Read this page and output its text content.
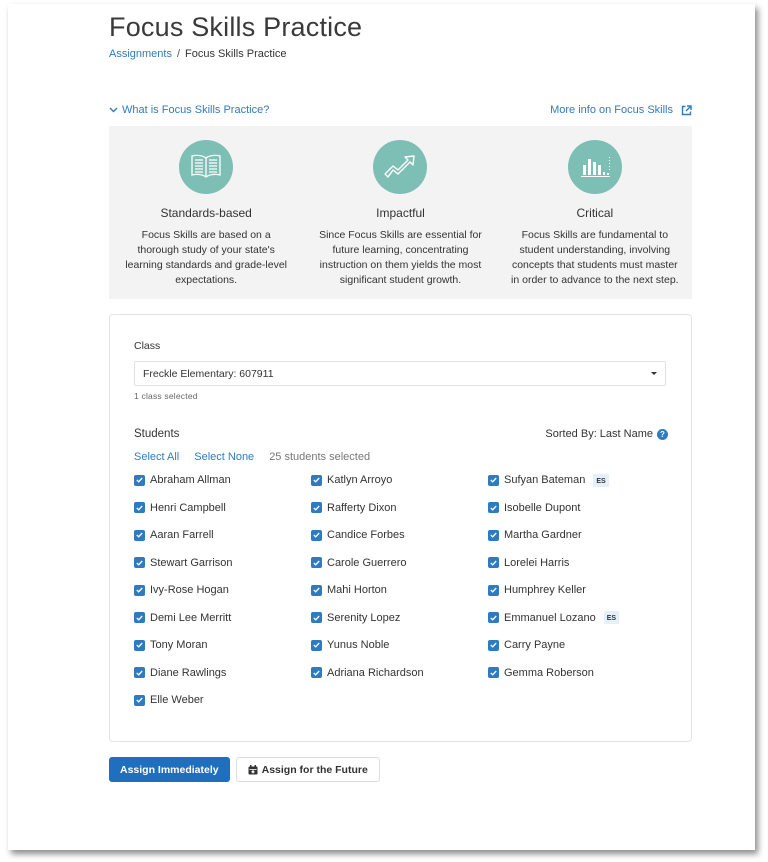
Focus Skills Practice
Assignments / Focus Skills Practice
What is Focus Skills Practice?	More info on Focus Skills
Standards-based
Focus Skills are based on a thorough study of your state's learning standards and grade-level expectations.
Impactful
Since Focus Skills are essential for future learning, concentrating instruction on them yields the most significant student growth.
Critical
Focus Skills are fundamental to student understanding, involving concepts that students must master in order to advance to the next step.
Class
Freckle Elementary: 607911
1 class selected
Students	Sorted By: Last Name ?
Select All Select None 25 students selected
Abraham Allman	Katlyn Arroyo	Sufyan Bateman	ES
Henri Campbell	Rafferty Dixon	Isobelle Dupont
Aaran Farrell	Candice Forbes	Martha Gardner
Stewart Garrison	Carole Guerrero	Lorelei Harris
Ivy-Rose Hogan	Mahi Horton	Humphrey Keller
Demi Lee Merritt	Serenity Lopez	Emmanuel Lozano	ES
Tony Moran	Yunus Noble	Carry Payne
Diane Rawlings	Adriana Richardson	Gemma Roberson
Elle Weber
Assign Immediately	Assign for the Future
